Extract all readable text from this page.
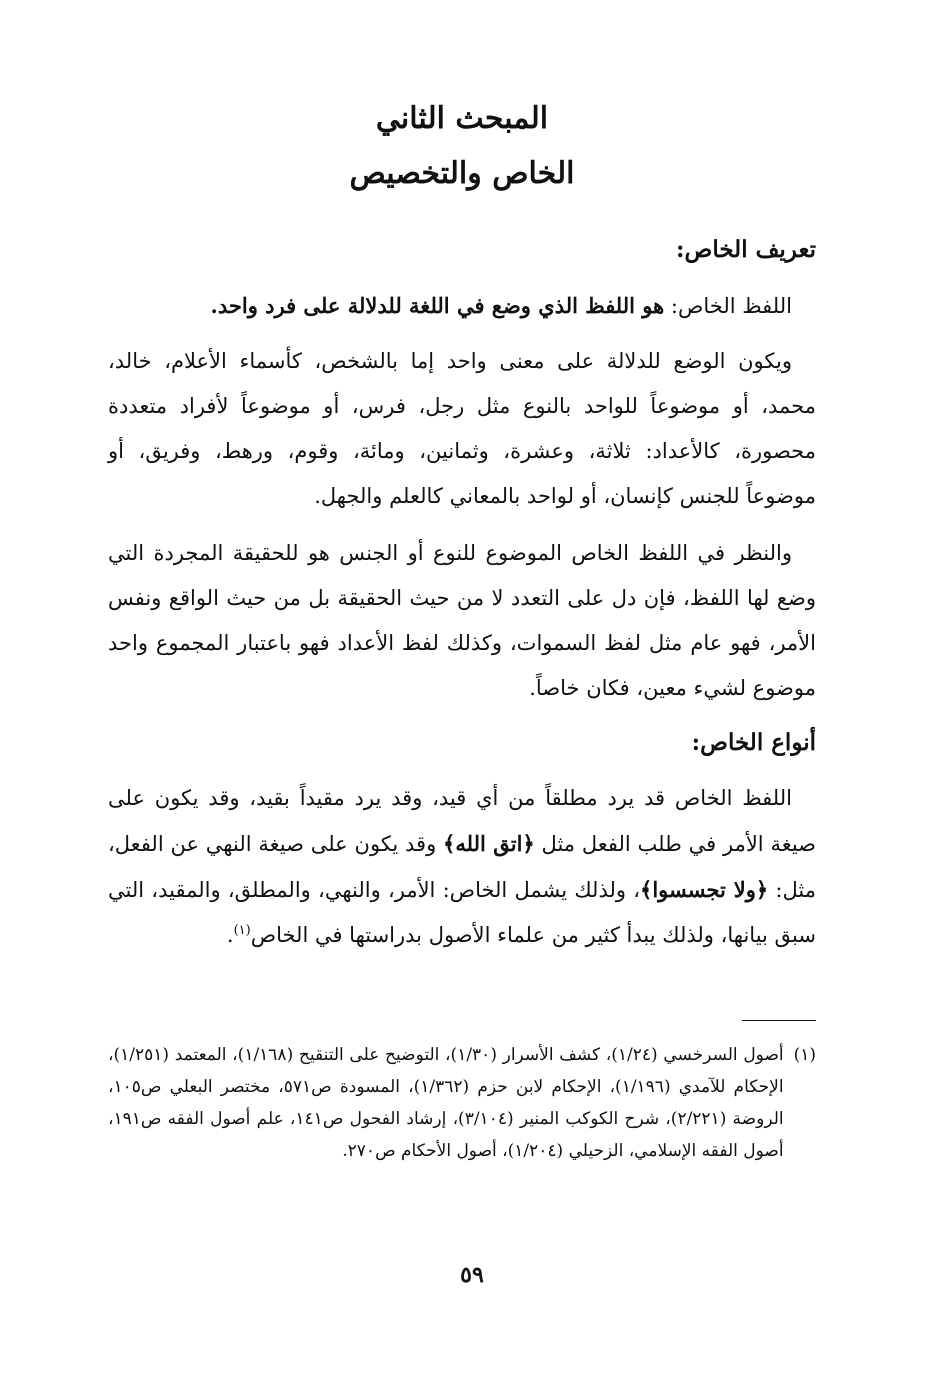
المبحث الثاني
الخاص والتخصيص
تعريف الخاص:

اللفظ الخاص: هو اللفظ الذي وضع في اللغة للدلالة على فرد واحد.

ويكون الوضع للدلالة على معنى واحد إما بالشخص، كأسماء الأعلام، خالد، محمد، أو موضوعاً للواحد بالنوع مثل رجل، فرس، أو موضوعاً لأفراد متعددة محصورة، كالأعداد: ثلاثة، وعشرة، وثمانين، ومائة، وقوم، ورهط، وفريق، أو موضوعاً للجنس كإنسان، أو لواحد بالمعاني كالعلم والجهل.

والنظر في اللفظ الخاص الموضوع للنوع أو الجنس هو للحقيقة المجردة التي وضع لها اللفظ، فإن دل على التعدد لا من حيث الحقيقة بل من حيث الواقع ونفس الأمر، فهو عام مثل لفظ السموات، وكذلك لفظ الأعداد فهو باعتبار المجموع واحد موضوع لشيء معين، فكان خاصاً.

أنواع الخاص:

اللفظ الخاص قد يرد مطلقاً من أي قيد، وقد يرد مقيداً بقيد، وقد يكون على صيغة الأمر في طلب الفعل مثل ﴿اتق الله﴾ وقد يكون على صيغة النهي عن الفعل، مثل: ﴿ولا تجسسوا﴾، ولذلك يشمل الخاص: الأمر، والنهي، والمطلق، والمقيد، التي سبق بيانها، ولذلك يبدأ كثير من علماء الأصول بدراستها في الخاص$^{(١)}$.

(١)
أصول السرخسي (١/٢٤)، كشف الأسرار (١/٣٠)، التوضيح على التنقيح (١/١٦٨)، المعتمد (١/٢٥١)، الإحكام للآمدي (١/١٩٦)، الإحكام لابن حزم (١/٣٦٢)، المسودة ص٥٧١، مختصر البعلي ص١٠٥، الروضة (٢/٢٢١)، شرح الكوكب المنير (٣/١٠٤)، إرشاد الفحول ص١٤١، علم أصول الفقه ص١٩١، أصول الفقه الإسلامي، الزحيلي (١/٢٠٤)، أصول الأحكام ص٢٧٠.
٥٩
